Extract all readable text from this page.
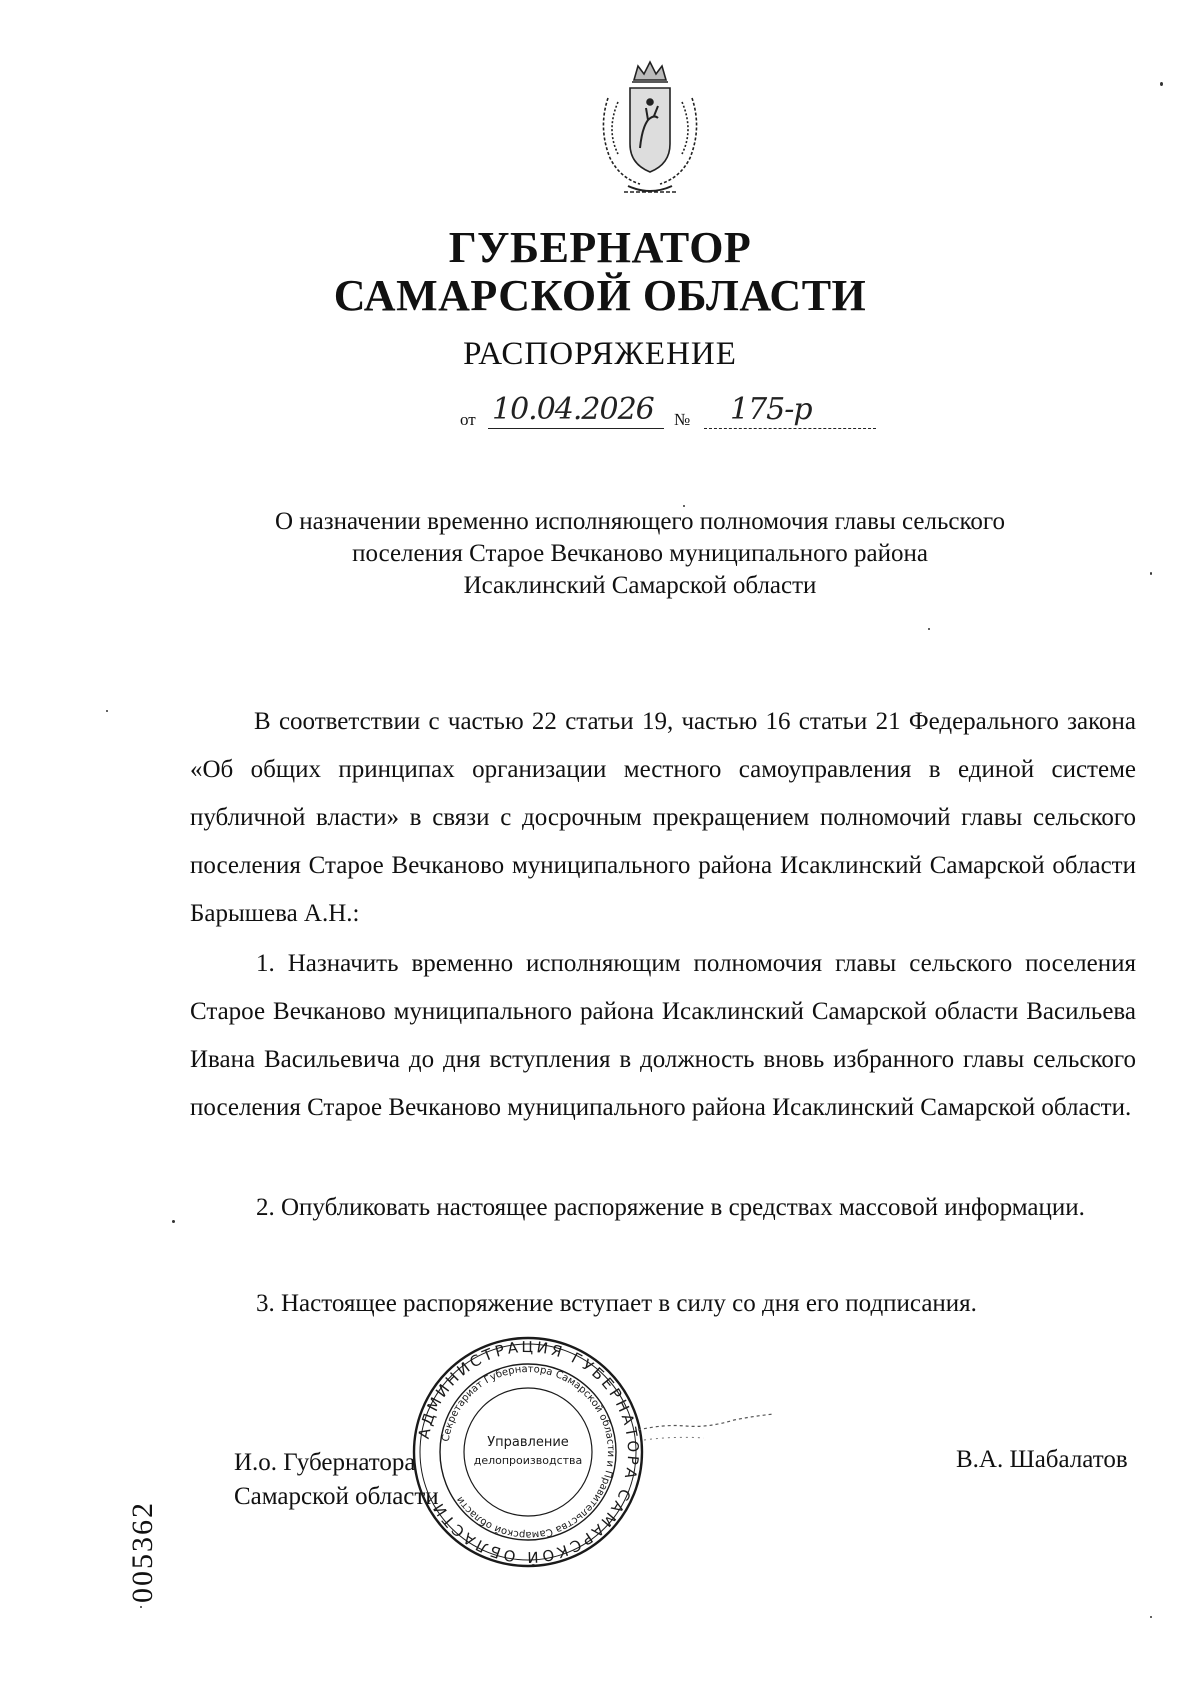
ГУБЕРНАТОР
САМАРСКОЙ ОБЛАСТИ
РАСПОРЯЖЕНИЕ
от 10.04.2026 № 175-р
О назначении временно исполняющего полномочия главы сельского
поселения Старое Вечканово муниципального района
Исаклинский Самарской области
В соответствии с частью 22 статьи 19, частью 16 статьи 21 Федерального закона «Об общих принципах организации местного самоуправления в единой системе публичной власти» в связи с досрочным прекращением полномочий главы сельского поселения Старое Вечканово муниципального района Исаклинский Самарской области Барышева А.Н.:
1. Назначить временно исполняющим полномочия главы сельского поселения Старое Вечканово муниципального района Исаклинский Самарской области Васильева Ивана Васильевича до дня вступления в должность вновь избранного главы сельского поселения Старое Вечканово муниципального района Исаклинский Самарской области.
2. Опубликовать настоящее распоряжение в средствах массовой информации.
3. Настоящее распоряжение вступает в силу со дня его подписания.
И.о. Губернатора
Самарской области
АДМИНИСТРАЦИЯ ГУБЕРНАТОРА САМАРСКОЙ ОБЛАСТИ
Секретариат Губернатора Самарской области и Правительства Самарской области
Управление
делопроизводства	В.А. Шабалатов
005362
